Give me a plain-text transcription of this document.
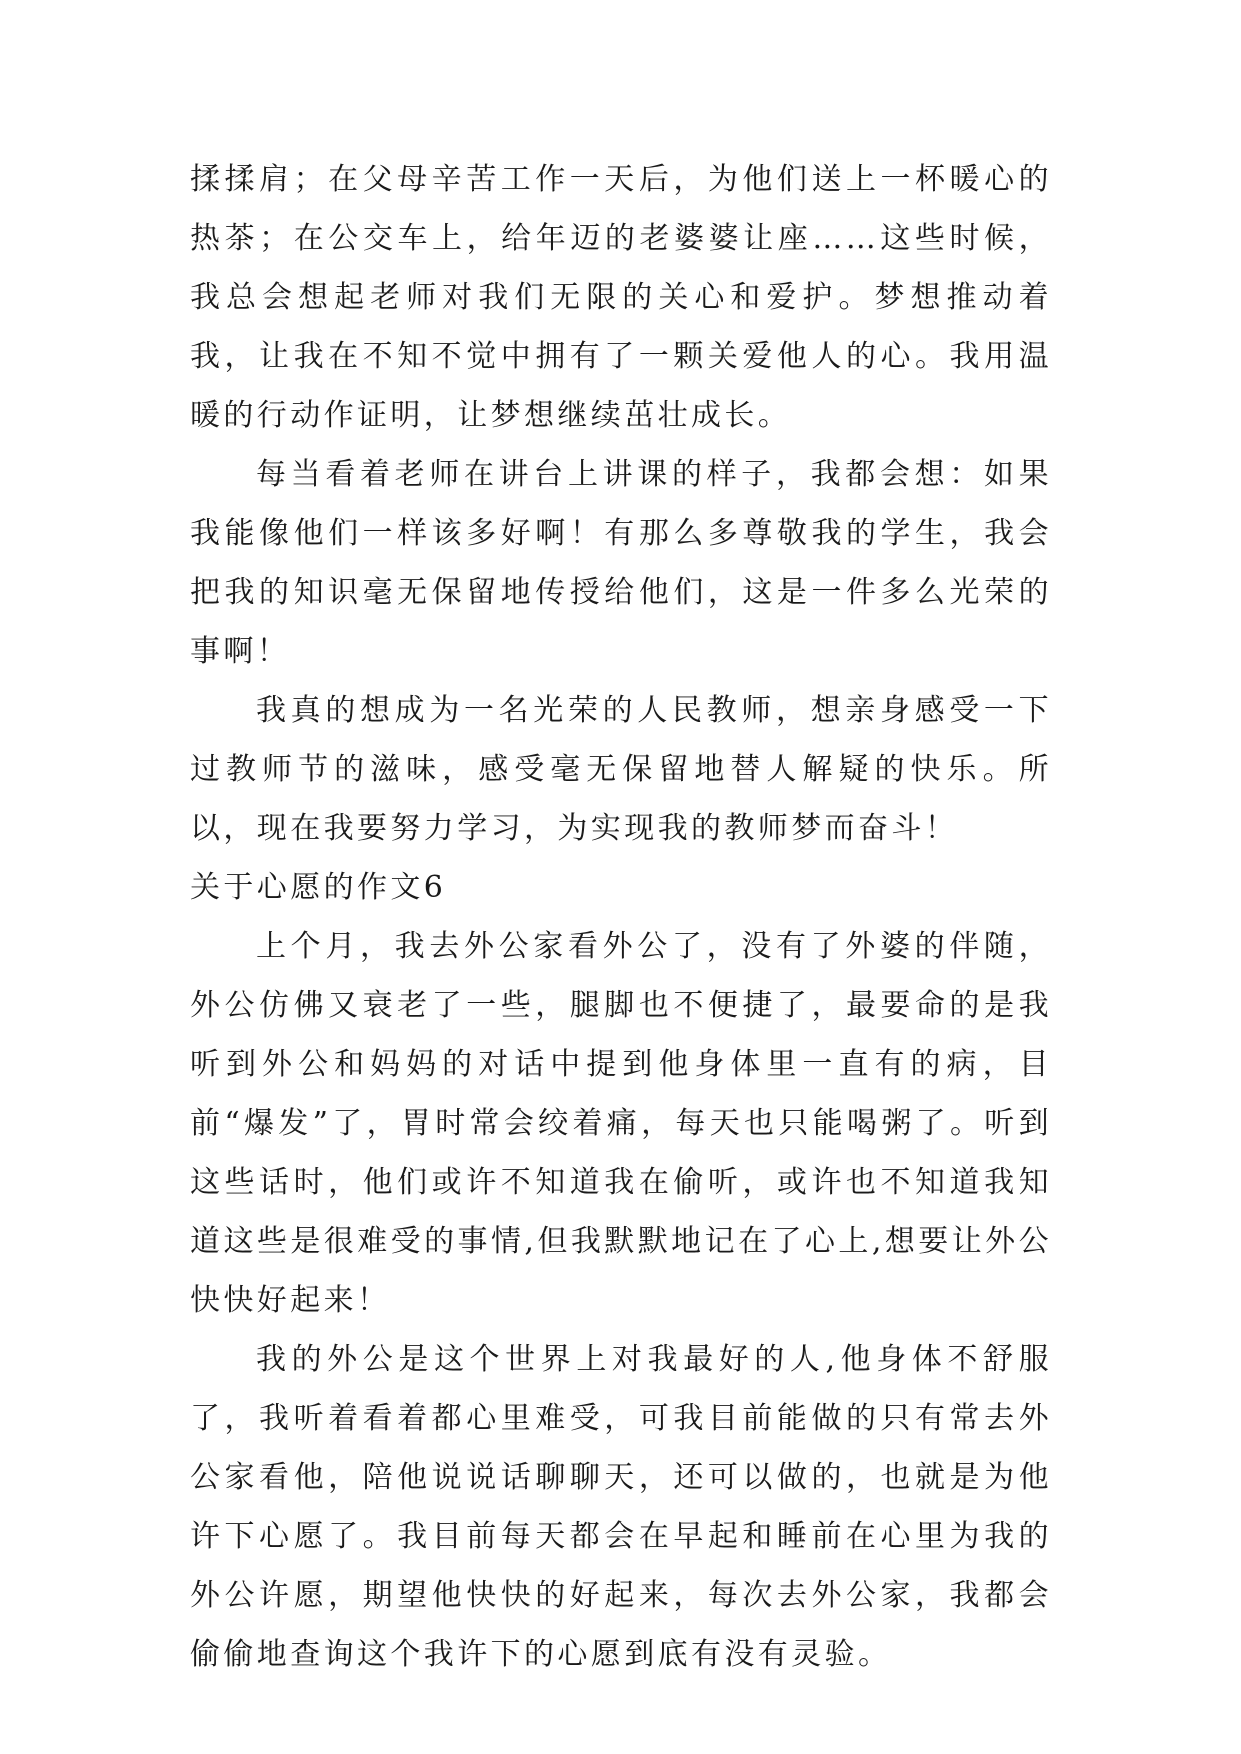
揉揉肩；在父母辛苦工作一天后，为他们送上一杯暖心的热茶；在公交车上，给年迈的老婆婆让座……这些时候，我总会想起老师对我们无限的关心和爱护。梦想推动着我，让我在不知不觉中拥有了一颗关爱他人的心。我用温暖的行动作证明，让梦想继续茁壮成长。

每当看着老师在讲台上讲课的样子，我都会想：如果我能像他们一样该多好啊！有那么多尊敬我的学生，我会把我的知识毫无保留地传授给他们，这是一件多么光荣的事啊！

我真的想成为一名光荣的人民教师，想亲身感受一下过教师节的滋味，感受毫无保留地替人解疑的快乐。所以，现在我要努力学习，为实现我的教师梦而奋斗！

关于心愿的作文6

上个月，我去外公家看外公了，没有了外婆的伴随，外公仿佛又衰老了一些，腿脚也不便捷了，最要命的是我听到外公和妈妈的对话中提到他身体里一直有的病，目前“爆发”了，胃时常会绞着痛，每天也只能喝粥了。听到这些话时，他们或许不知道我在偷听，或许也不知道我知道这些是很难受的事情,但我默默地记在了心上,想要让外公快快好起来！

我的外公是这个世界上对我最好的人,他身体不舒服了，我听着看着都心里难受，可我目前能做的只有常去外公家看他，陪他说说话聊聊天，还可以做的，也就是为他许下心愿了。我目前每天都会在早起和睡前在心里为我的外公许愿，期望他快快的好起来，每次去外公家，我都会偷偷地查询这个我许下的心愿到底有没有灵验。
